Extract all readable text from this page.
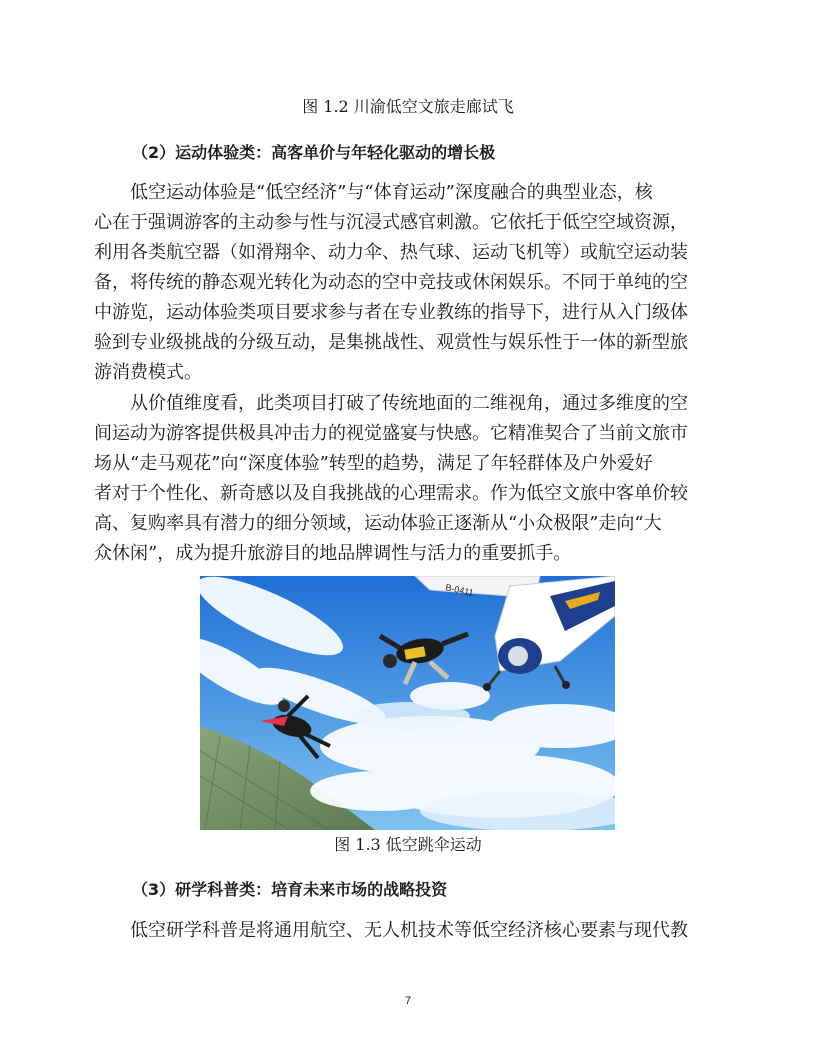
图 1.2 川渝低空文旅走廊试飞
（2）运动体验类：高客单价与年轻化驱动的增长极
低空运动体验是“低空经济”与“体育运动”深度融合的典型业态，核
心在于强调游客的主动参与性与沉浸式感官刺激。它依托于低空空域资源，
利用各类航空器（如滑翔伞、动力伞、热气球、运动飞机等）或航空运动装
备，将传统的静态观光转化为动态的空中竞技或休闲娱乐。不同于单纯的空
中游览，运动体验类项目要求参与者在专业教练的指导下，进行从入门级体
验到专业级挑战的分级互动，是集挑战性、观赏性与娱乐性于一体的新型旅
游消费模式。
从价值维度看，此类项目打破了传统地面的二维视角，通过多维度的空
间运动为游客提供极具冲击力的视觉盛宴与快感。它精准契合了当前文旅市
场从“走马观花”向“深度体验”转型的趋势，满足了年轻群体及户外爱好
者对于个性化、新奇感以及自我挑战的心理需求。作为低空文旅中客单价较
高、复购率具有潜力的细分领域，运动体验正逐渐从“小众极限”走向“大
众休闲”，成为提升旅游目的地品牌调性与活力的重要抓手。
B-0411
图 1.3 低空跳伞运动
（3）研学科普类：培育未来市场的战略投资
低空研学科普是将通用航空、无人机技术等低空经济核心要素与现代教
7
